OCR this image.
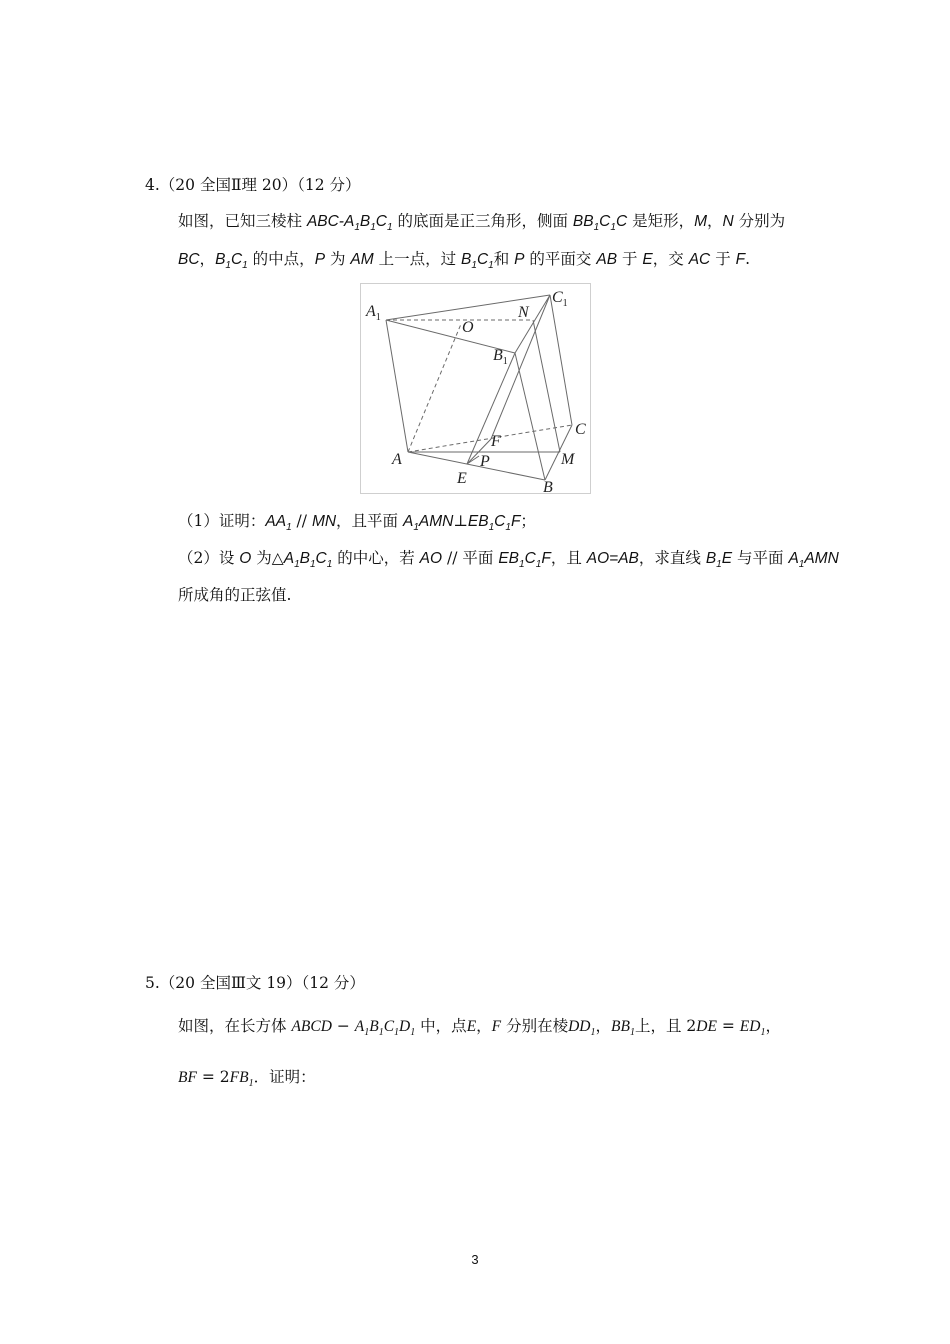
4.（20 全国Ⅱ理 20）（12 分）
如图，已知三棱柱 ABC-$A_1B_1C_1$ 的底面是正三角形，侧面 $BB_1C_1C$ 是矩形，M，N 分别为
BC，$B_1C_1$ 的中点，P 为 AM 上一点，过 $B_1C_1$和 P 的平面交 AB 于 E，交 AC 于 F.
$A_1$
$C_1$
N
O
$B_1$
C
A
F
P	M
E
B
（1）证明：$AA_1$ // MN，且平面 $A_1AMN\perp EB_1C_1F$；
（2）设 O 为$\triangle A_1B_1C_1$ 的中心，若 AO // 平面 $EB_1C_1F$，且 AO=AB，求直线 $B_1E$ 与平面 $A_1AMN$
所成角的正弦值.
5.（20 全国Ⅲ文 19）（12 分）
如图，在长方体 ABCD − $A_1B_1C_1D_1$ 中，点E，F 分别在棱$DD_1$，$BB_1$上，且 $2DE = ED_1$，
BF = $2FB_1$．证明：
3
